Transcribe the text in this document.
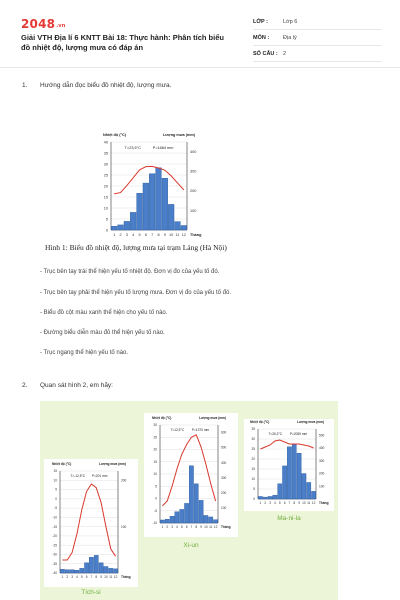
2048.vn
Giải VTH Địa lí 6 KNTT Bài 18: Thực hành: Phân tích biểu đồ nhiệt độ, lượng mưa có đáp án
LỚP :	Lớp 6
MÔN :	Địa lý
SỐ CÂU : 2
1. Hướng dẫn đọc biểu đồ nhiệt độ, lượng mưa.
Nhiệt độ (°C)	Lượng mưa (mm)
0
5
10
15
20
25
30
35
40
100
200
300
400
1 2 3 4 5 6 7 8 9 10 11 12 Tháng
T=23,5°C	P=1684 mm
Hình 1: Biểu đồ nhiệt độ, lượng mưa tại trạm Láng (Hà Nội)
- Trục bên tay trái thể hiện yếu tố nhiệt độ. Đơn vị đo của yếu tố đó.
- Trục bên tay phải thể hiện yếu tố lượng mưa. Đơn vị đo của yếu tố đó.
- Biểu đồ cột màu xanh thể hiện cho yếu tố nào.
- Đường biểu diễn màu đỏ thể hiện yếu tố nào.
- Trục ngang thể hiện yếu tố nào.
2. Quan sát hình 2, em hãy:
Nhiệt độ (°C)	Lượng mưa (mm)
-40
-35
-30
-25
-20
-15
-10
-5
0
5
10
15
100
200
1 2 3 4 5 6 7 8 9 10 11 12 Tháng
T=-12,5°C P=201 mm
Tích-si
Nhiệt độ (°C)	Lượng mưa (mm)
-10
-5
0
5
10
15
20
25
30
100
200
300
400
500
600
1 2 3 4 5 6 7 8 9 10 11 12 Tháng
T=12,5°C P=1370 mm
Xi-un
Nhiệt độ (°C)	Lượng mưa (mm)
0
5
10
15
20
25
30
35
100
200
300
400
500
1 2 3 4 5 6 7 8 9 10 11 12 Tháng
T=26,3°C P=2055 mm
Ma-ni-la
